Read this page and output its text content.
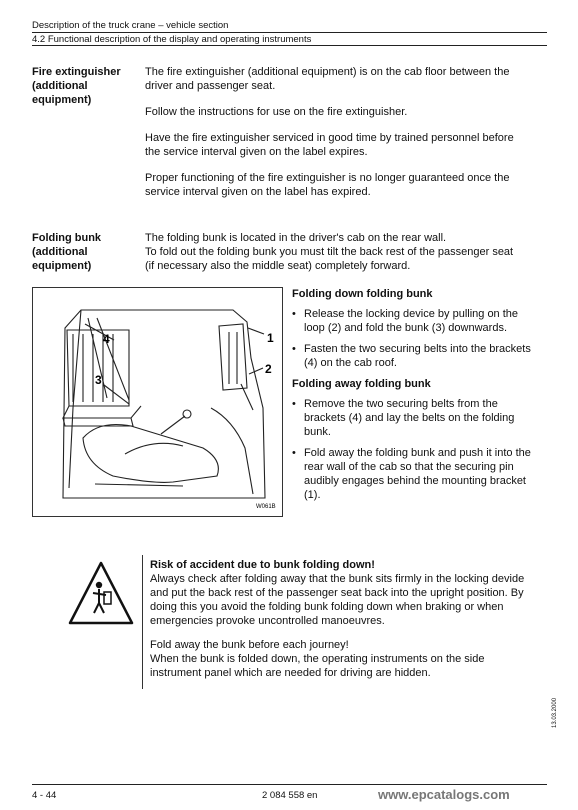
Description of the truck crane – vehicle section
4.2 Functional description of the display and operating instruments
Fire extinguisher (additional equipment)

The fire extinguisher (additional equipment) is on the cab floor between the driver and passenger seat.

Follow the instructions for use on the fire extinguisher.

Have the fire extinguisher serviced in good time by trained personnel before the service interval given on the label expires.

Proper functioning of the fire extinguisher is no longer guaranteed once the service interval given on the label has expired.

Folding bunk (additional equipment)

The folding bunk is located in the driver's cab on the rear wall.

To fold out the folding bunk you must tilt the back rest of the passenger seat (if necessary also the middle seat) completely forward.

4	1
2
3
W061B
Folding down folding bunk
• Release the locking device by pulling on the loop (2) and fold the bunk (3) downwards.
• Fasten the two securing belts into the brackets (4) on the cab roof.
Folding away folding bunk
• Remove the two securing belts from the brackets (4) and lay the belts on the folding bunk.
• Fold away the folding bunk and push it into the rear wall of the cab so that the securing pin audibly engages behind the mounting bracket (1).

Risk of accident due to bunk folding down!

Always check after folding away that the bunk sits firmly in the locking devide and put the back rest of the passenger seat back into the upright position. By doing this you avoid the folding bunk folding down when braking or when emergencies provoke uncontrolled manoeuvres.

Fold away the bunk before each journey!

When the bunk is folded down, the operating instruments on the side instrument panel which are needed for driving are hidden.

4 - 44	2 084 558 en
13.03.2000
www.epcatalogs.com
